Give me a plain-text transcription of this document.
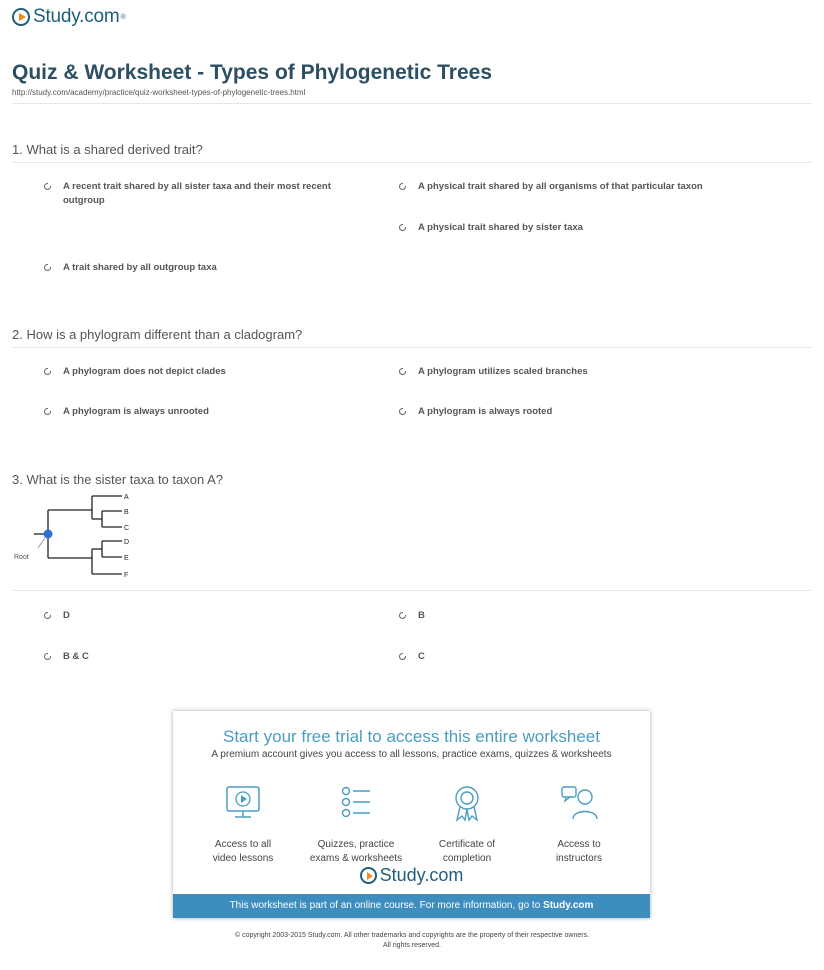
Study.com ®
Quiz & Worksheet - Types of Phylogenetic Trees
http://study.com/academy/practice/quiz-worksheet-types-of-phylogenetic-trees.html
1. What is a shared derived trait?
A recent trait shared by all sister taxa and their most recent outgroup
A physical trait shared by all organisms of that particular taxon
A physical trait shared by sister taxa
A trait shared by all outgroup taxa
2. How is a phylogram different than a cladogram?
A phylogram does not depict clades	A phylogram utilizes scaled branches
A phylogram is always unrooted	A phylogram is always rooted
3. What is the sister taxa to taxon A?
Root
A
B
C
D
E
F
D	B
B & C	C
Start your free trial to access this entire worksheet
A premium account gives you access to all lessons, practice exams, quizzes & worksheets
Access to all
video lessons
Quizzes, practice
exams & worksheets
Certificate of
completion
Access to
instructors
Study.com
This worksheet is part of an online course. For more information, go to Study.com
© copyright 2003-2015 Study.com. All other trademarks and copyrights are the property of their respective owners.
All rights reserved.
